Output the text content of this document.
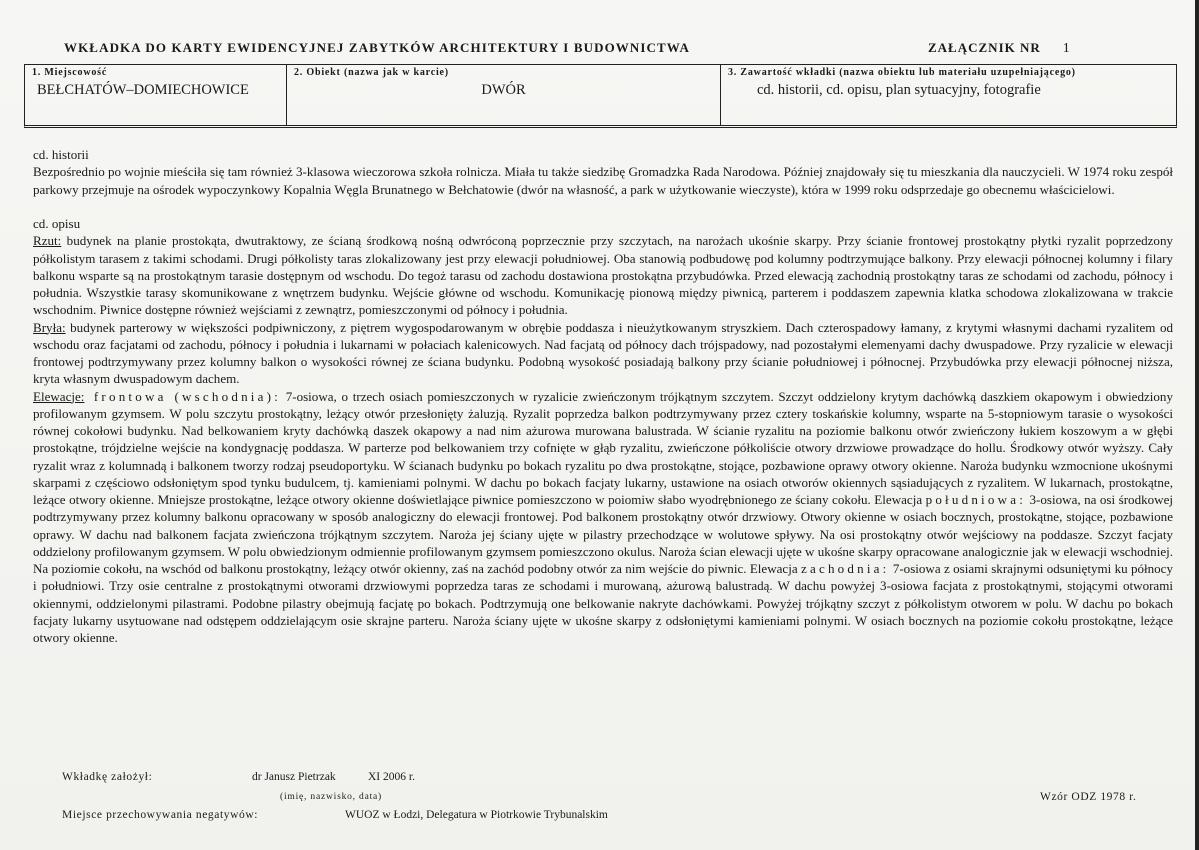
WKŁADKA DO KARTY EWIDENCYJNEJ ZABYTKÓW ARCHITEKTURY I BUDOWNICTWA	ZAŁĄCZNIK NR 1
1. Miejscowość
BEŁCHATÓW–DOMIECHOWICE
2. Obiekt (nazwa jak w karcie)
DWÓR
3. Zawartość wkładki (nazwa obiektu lub materiału uzupełniającego)
cd. historii, cd. opisu, plan sytuacyjny, fotografie

cd. historii

Bezpośrednio po wojnie mieściła się tam również 3-klasowa wieczorowa szkoła rolnicza. Miała tu także siedzibę Gromadzka Rada Narodowa. Później znajdowały się tu mieszkania dla nauczycieli. W 1974 roku zespół parkowy przejmuje na ośrodek wypoczynkowy Kopalnia Węgla Brunatnego w Bełchatowie (dwór na własność, a park w użytkowanie wieczyste), która w 1999 roku odsprzedaje go obecnemu właścicielowi.

cd. opisu

Rzut: budynek na planie prostokąta, dwutraktowy, ze ścianą środkową nośną odwróconą poprzecznie przy szczytach, na narożach ukośnie skarpy. Przy ścianie frontowej prostokątny płytki ryzalit poprzedzony półkolistym tarasem z takimi schodami. Drugi półkolisty taras zlokalizowany jest przy elewacji południowej. Oba stanowią podbudowę pod kolumny podtrzymujące balkony. Przy elewacji północnej kolumny i filary balkonu wsparte są na prostokątnym tarasie dostępnym od wschodu. Do tegoż tarasu od zachodu dostawiona prostokątna przybudówka. Przed elewacją zachodnią prostokątny taras ze schodami od zachodu, północy i południa. Wszystkie tarasy skomunikowane z wnętrzem budynku. Wejście główne od wschodu. Komunikację pionową między piwnicą, parterem i poddaszem zapewnia klatka schodowa zlokalizowana w trakcie wschodnim. Piwnice dostępne również wejściami z zewnątrz, pomieszczonymi od północy i południa.

Bryła: budynek parterowy w większości podpiwniczony, z piętrem wygospodarowanym w obrębie poddasza i nieużytkowanym stryszkiem. Dach czterospadowy łamany, z krytymi własnymi dachami ryzalitem od wschodu oraz facjatami od zachodu, północy i południa i lukarnami w połaciach kalenicowych. Nad facjatą od północy dach trójspadowy, nad pozostałymi elemenyami dachy dwuspadowe. Przy ryzalicie w elewacji frontowej podtrzymywany przez kolumny balkon o wysokości równej ze ściana budynku. Podobną wysokość posiadają balkony przy ścianie południowej i północnej. Przybudówka przy elewacji północnej niższa, kryta własnym dwuspadowym dachem.

Elewacje: frontowa (wschodnia): 7-osiowa, o trzech osiach pomieszczonych w ryzalicie zwieńczonym trójkątnym szczytem. Szczyt oddzielony krytym dachówką daszkiem okapowym i obwiedziony profilowanym gzymsem. W polu szczytu prostokątny, leżący otwór przesłonięty żaluzją. Ryzalit poprzedza balkon podtrzymywany przez cztery toskańskie kolumny, wsparte na 5-stopniowym tarasie o wysokości równej cokołowi budynku. Nad belkowaniem kryty dachówką daszek okapowy a nad nim ażurowa murowana balustrada. W ścianie ryzalitu na poziomie balkonu otwór zwieńczony łukiem koszowym a w głębi prostokątne, trójdzielne wejście na kondygnację poddasza. W parterze pod belkowaniem trzy cofnięte w głąb ryzalitu, zwieńczone półkoliście otwory drzwiowe prowadzące do hollu. Środkowy otwór wyższy. Cały ryzalit wraz z kolumnadą i balkonem tworzy rodzaj pseudoportyku. W ścianach budynku po bokach ryzalitu po dwa prostokątne, stojące, pozbawione oprawy otwory okienne. Naroża budynku wzmocnione ukośnymi skarpami z częściowo odsłoniętym spod tynku budulcem, tj. kamieniami polnymi. W dachu po bokach facjaty lukarny, ustawione na osiach otworów okiennych sąsiadujących z ryzalitem. W lukarnach, prostokątne, leżące otwory okienne. Mniejsze prostokątne, leżące otwory okienne doświetlające piwnice pomieszczono w poiomiw słabo wyodrębnionego ze ściany cokołu. Elewacja południowa: 3-osiowa, na osi środkowej podtrzymywany przez kolumny balkonu opracowany w sposób analogiczny do elewacji frontowej. Pod balkonem prostokątny otwór drzwiowy. Otwory okienne w osiach bocznych, prostokątne, stojące, pozbawione oprawy. W dachu nad balkonem facjata zwieńczona trójkątnym szczytem. Naroża jej ściany ujęte w pilastry przechodzące w wolutowe spływy. Na osi prostokątny otwór wejściowy na poddasze. Szczyt facjaty oddzielony profilowanym gzymsem. W polu obwiedzionym odmiennie profilowanym gzymsem pomieszczono okulus. Naroża ścian elewacji ujęte w ukośne skarpy opracowane analogicznie jak w elewacji wschodniej. Na poziomie cokołu, na wschód od balkonu prostokątny, leżący otwór okienny, zaś na zachód podobny otwór za nim wejście do piwnic. Elewacja zachodnia: 7-osiowa z osiami skrajnymi odsuniętymi ku północy i południowi. Trzy osie centralne z prostokątnymi otworami drzwiowymi poprzedza taras ze schodami i murowaną, ażurową balustradą. W dachu powyżej 3-osiowa facjata z prostokątnymi, stojącymi otworami okiennymi, oddzielonymi pilastrami. Podobne pilastry obejmują facjatę po bokach. Podtrzymują one belkowanie nakryte dachówkami. Powyżej trójkątny szczyt z półkolistym otworem w polu. W dachu po bokach facjaty lukarny usytuowane nad odstępem oddzielającym osie skrajne parteru. Naroża ściany ujęte w ukośne skarpy z odsłoniętymi kamieniami polnymi. W osiach bocznych na poziomie cokołu prostokątne, leżące otwory okienne.

Wkładkę założył:	dr Janusz Pietrzak	XI 2006 r.
(imię, nazwisko, data)	Wzór ODZ 1978 r.
Miejsce przechowywania negatywów:	WUOZ w Łodzi, Delegatura w Piotrkowie Trybunalskim
